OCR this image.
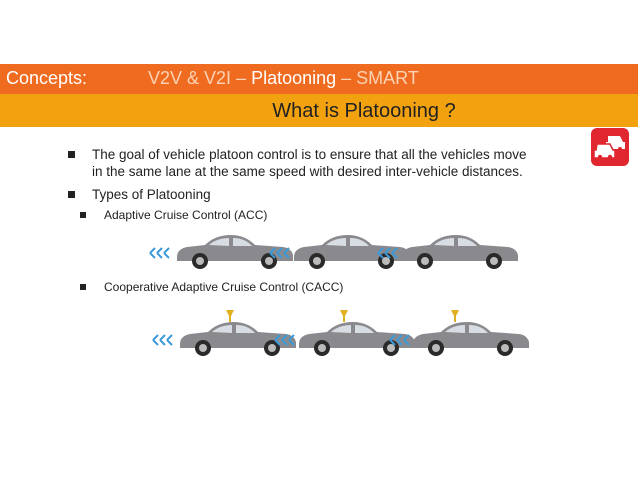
Concepts:	V2V & V2I – Platooning – SMART
What is Platooning ?
The goal of vehicle platoon control is to ensure that all the vehicles move
in the same lane at the same speed with desired inter-vehicle distances.
Types of Platooning
Adaptive Cruise Control (ACC)
Cooperative Adaptive Cruise Control (CACC)
